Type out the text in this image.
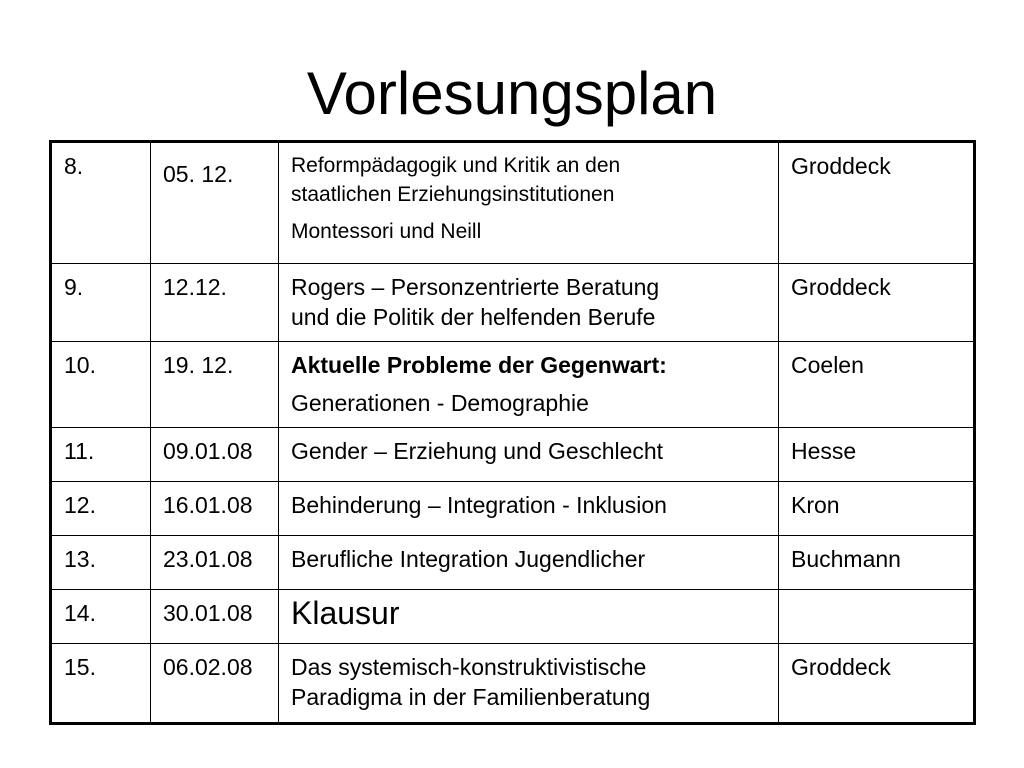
Vorlesungsplan
8.	05. 12.	Reformpädagogik und Kritik an den
staatlichen Erziehungsinstitutionen
Montessori und Neill	Groddeck
9.	12.12.	Rogers – Personzentrierte Beratung
und die Politik der helfenden Berufe	Groddeck
10.	19. 12.	Aktuelle Probleme der Gegenwart:
Generationen - Demographie	Coelen
11.	09.01.08	Gender – Erziehung und Geschlecht	Hesse
12.	16.01.08	Behinderung – Integration - Inklusion	Kron
13.	23.01.08	Berufliche Integration Jugendlicher	Buchmann
14.	30.01.08	Klausur	

15.	06.02.08	Das systemisch-konstruktivistische
Paradigma in der Familienberatung	Groddeck
